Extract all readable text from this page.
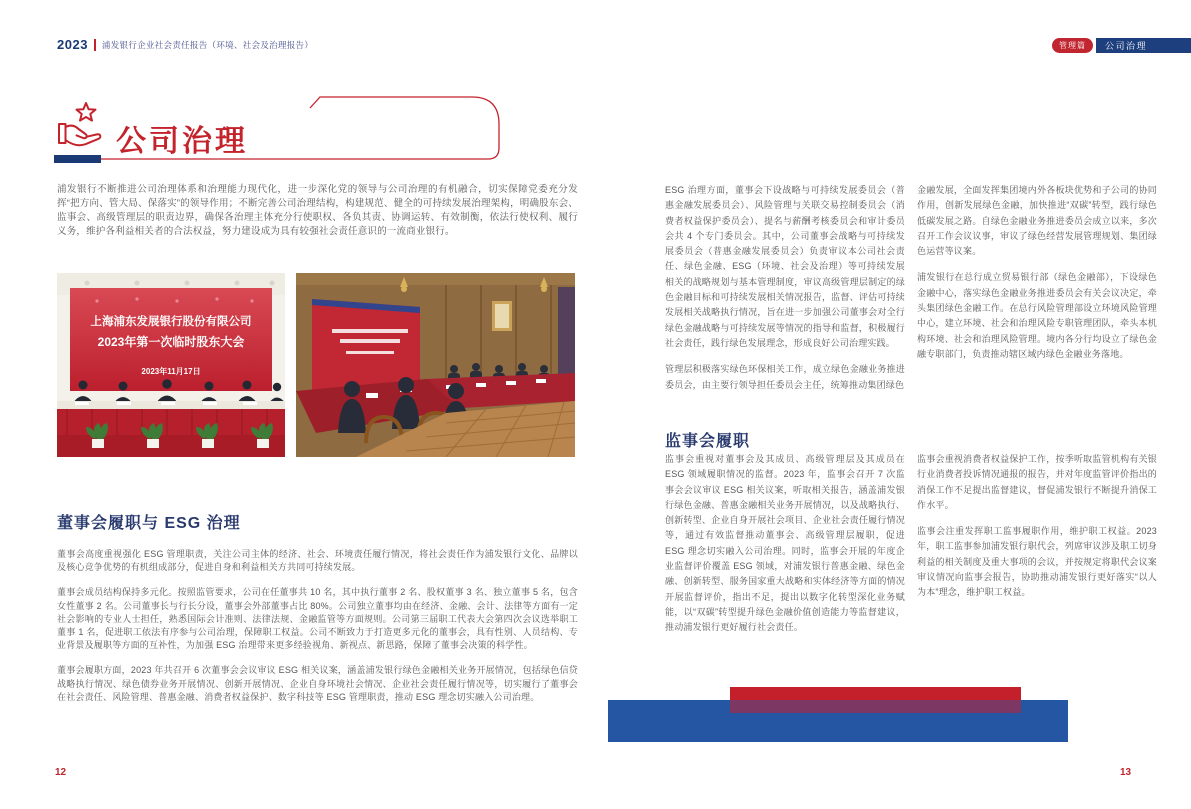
2023 浦发银行企业社会责任报告（环境、社会及治理报告）	管理篇	公司治理
公司治理
浦发银行不断推进公司治理体系和治理能力现代化，进一步深化党的领导与公司治理的有机融合，切实保障党委充分发挥“把方向、管大局、保落实”的领导作用；不断完善公司治理结构，构建规范、健全的可持续发展治理架构，明确股东会、监事会、高级管理层的职责边界，确保各治理主体充分行使职权、各负其责、协调运转、有效制衡，依法行使权利、履行义务，维护各利益相关者的合法权益，努力建设成为具有较强社会责任意识的一流商业银行。
上海浦东发展银行股份有限公司
2023年第一次临时股东大会
2023年11月17日
董事会履职与 ESG 治理

董事会高度重视强化 ESG 管理职责，关注公司主体的经济、社会、环境责任履行情况，将社会责任作为浦发银行文化、品牌以及核心竞争优势的有机组成部分，促进自身和利益相关方共同可持续发展。

董事会成员结构保持多元化。按照监管要求，公司在任董事共 10 名，其中执行董事 2 名、股权董事 3 名、独立董事 5 名，包含女性董事 2 名。公司董事长与行长分设，董事会外部董事占比 80%。公司独立董事均由在经济、金融、会计、法律等方面有一定社会影响的专业人士担任，熟悉国际会计准则、法律法规、金融监管等方面规则。公司第三届职工代表大会第四次会议选举职工董事 1 名，促进职工依法有序参与公司治理，保障职工权益。公司不断致力于打造更多元化的董事会，具有性别、人员结构、专业背景及履职等方面的互补性，为加强 ESG 治理带来更多经验视角、新视点、新思路，保障了董事会决策的科学性。

董事会履职方面，2023 年共召开 6 次董事会会议审议 ESG 相关议案，涵盖浦发银行绿色金融相关业务开展情况，包括绿色信贷战略执行情况、绿色债券业务开展情况、创新开展情况、企业自身环境社会情况、企业社会责任履行情况等，切实履行了董事会在社会责任、风险管理、普惠金融、消费者权益保护、数字科技等 ESG 管理职责，推动 ESG 理念切实融入公司治理。

ESG 治理方面，董事会下设战略与可持续发展委员会（普惠金融发展委员会）、风险管理与关联交易控制委员会（消费者权益保护委员会）、提名与薪酬考核委员会和审计委员会共 4 个专门委员会。其中，公司董事会战略与可持续发展委员会（普惠金融发展委员会）负责审议本公司社会责任、绿色金融、ESG（环境、社会及治理）等可持续发展相关的战略规划与基本管理制度，审议高级管理层制定的绿色金融目标和可持续发展相关情况报告，监督、评估可持续发展相关战略执行情况，旨在进一步加强公司董事会对全行绿色金融战略与可持续发展等情况的指导和监督，积极履行社会责任，践行绿色发展理念，形成良好公司治理实践。

管理层积极落实绿色环保相关工作，成立绿色金融业务推进委员会，由主要行领导担任委员会主任，统筹推动集团绿色

监事会履职

监事会重视对董事会及其成员、高级管理层及其成员在 ESG 领域履职情况的监督。2023 年，监事会召开 7 次监事会会议审议 ESG 相关议案，听取相关报告，涵盖浦发银行绿色金融、普惠金融相关业务开展情况，以及战略执行、创新转型、企业自身开展社会项目、企业社会责任履行情况等，通过有效监督推动董事会、高级管理层履职，促进 ESG 理念切实融入公司治理。同时，监事会开展的年度企业监督评价覆盖 ESG 领域，对浦发银行普惠金融、绿色金融、创新转型、服务国家重大战略和实体经济等方面的情况开展监督评价，指出不足，提出以数字化转型深化业务赋能，以“双碳”转型提升绿色金融价值创造能力等监督建议，推动浦发银行更好履行社会责任。

金融发展，全面发挥集团境内外各板块优势和子公司的协同作用，创新发展绿色金融，加快推进“双碳”转型，践行绿色低碳发展之路。自绿色金融业务推进委员会成立以来，多次召开工作会议议事，审议了绿色经营发展管理规划、集团绿色运营等议案。

浦发银行在总行成立贸易银行部（绿色金融部），下设绿色金融中心，落实绿色金融业务推进委员会有关会议决定，牵头集团绿色金融工作。在总行风险管理部设立环境风险管理中心，建立环境、社会和治理风险专职管理团队，牵头本机构环境、社会和治理风险管理。境内各分行均设立了绿色金融专职部门，负责推动辖区域内绿色金融业务落地。

监事会重视消费者权益保护工作，按季听取监管机构有关银行业消费者投诉情况通报的报告，并对年度监管评价指出的消保工作不足提出监督建议，督促浦发银行不断提升消保工作水平。

监事会注重发挥职工监事履职作用，维护职工权益。2023 年，职工监事参加浦发银行职代会，列席审议涉及职工切身利益的相关制度及重大事项的会议，并按规定将职代会议案审议情况向监事会报告，协助推动浦发银行更好落实“以人为本”理念，维护职工权益。

12	13
